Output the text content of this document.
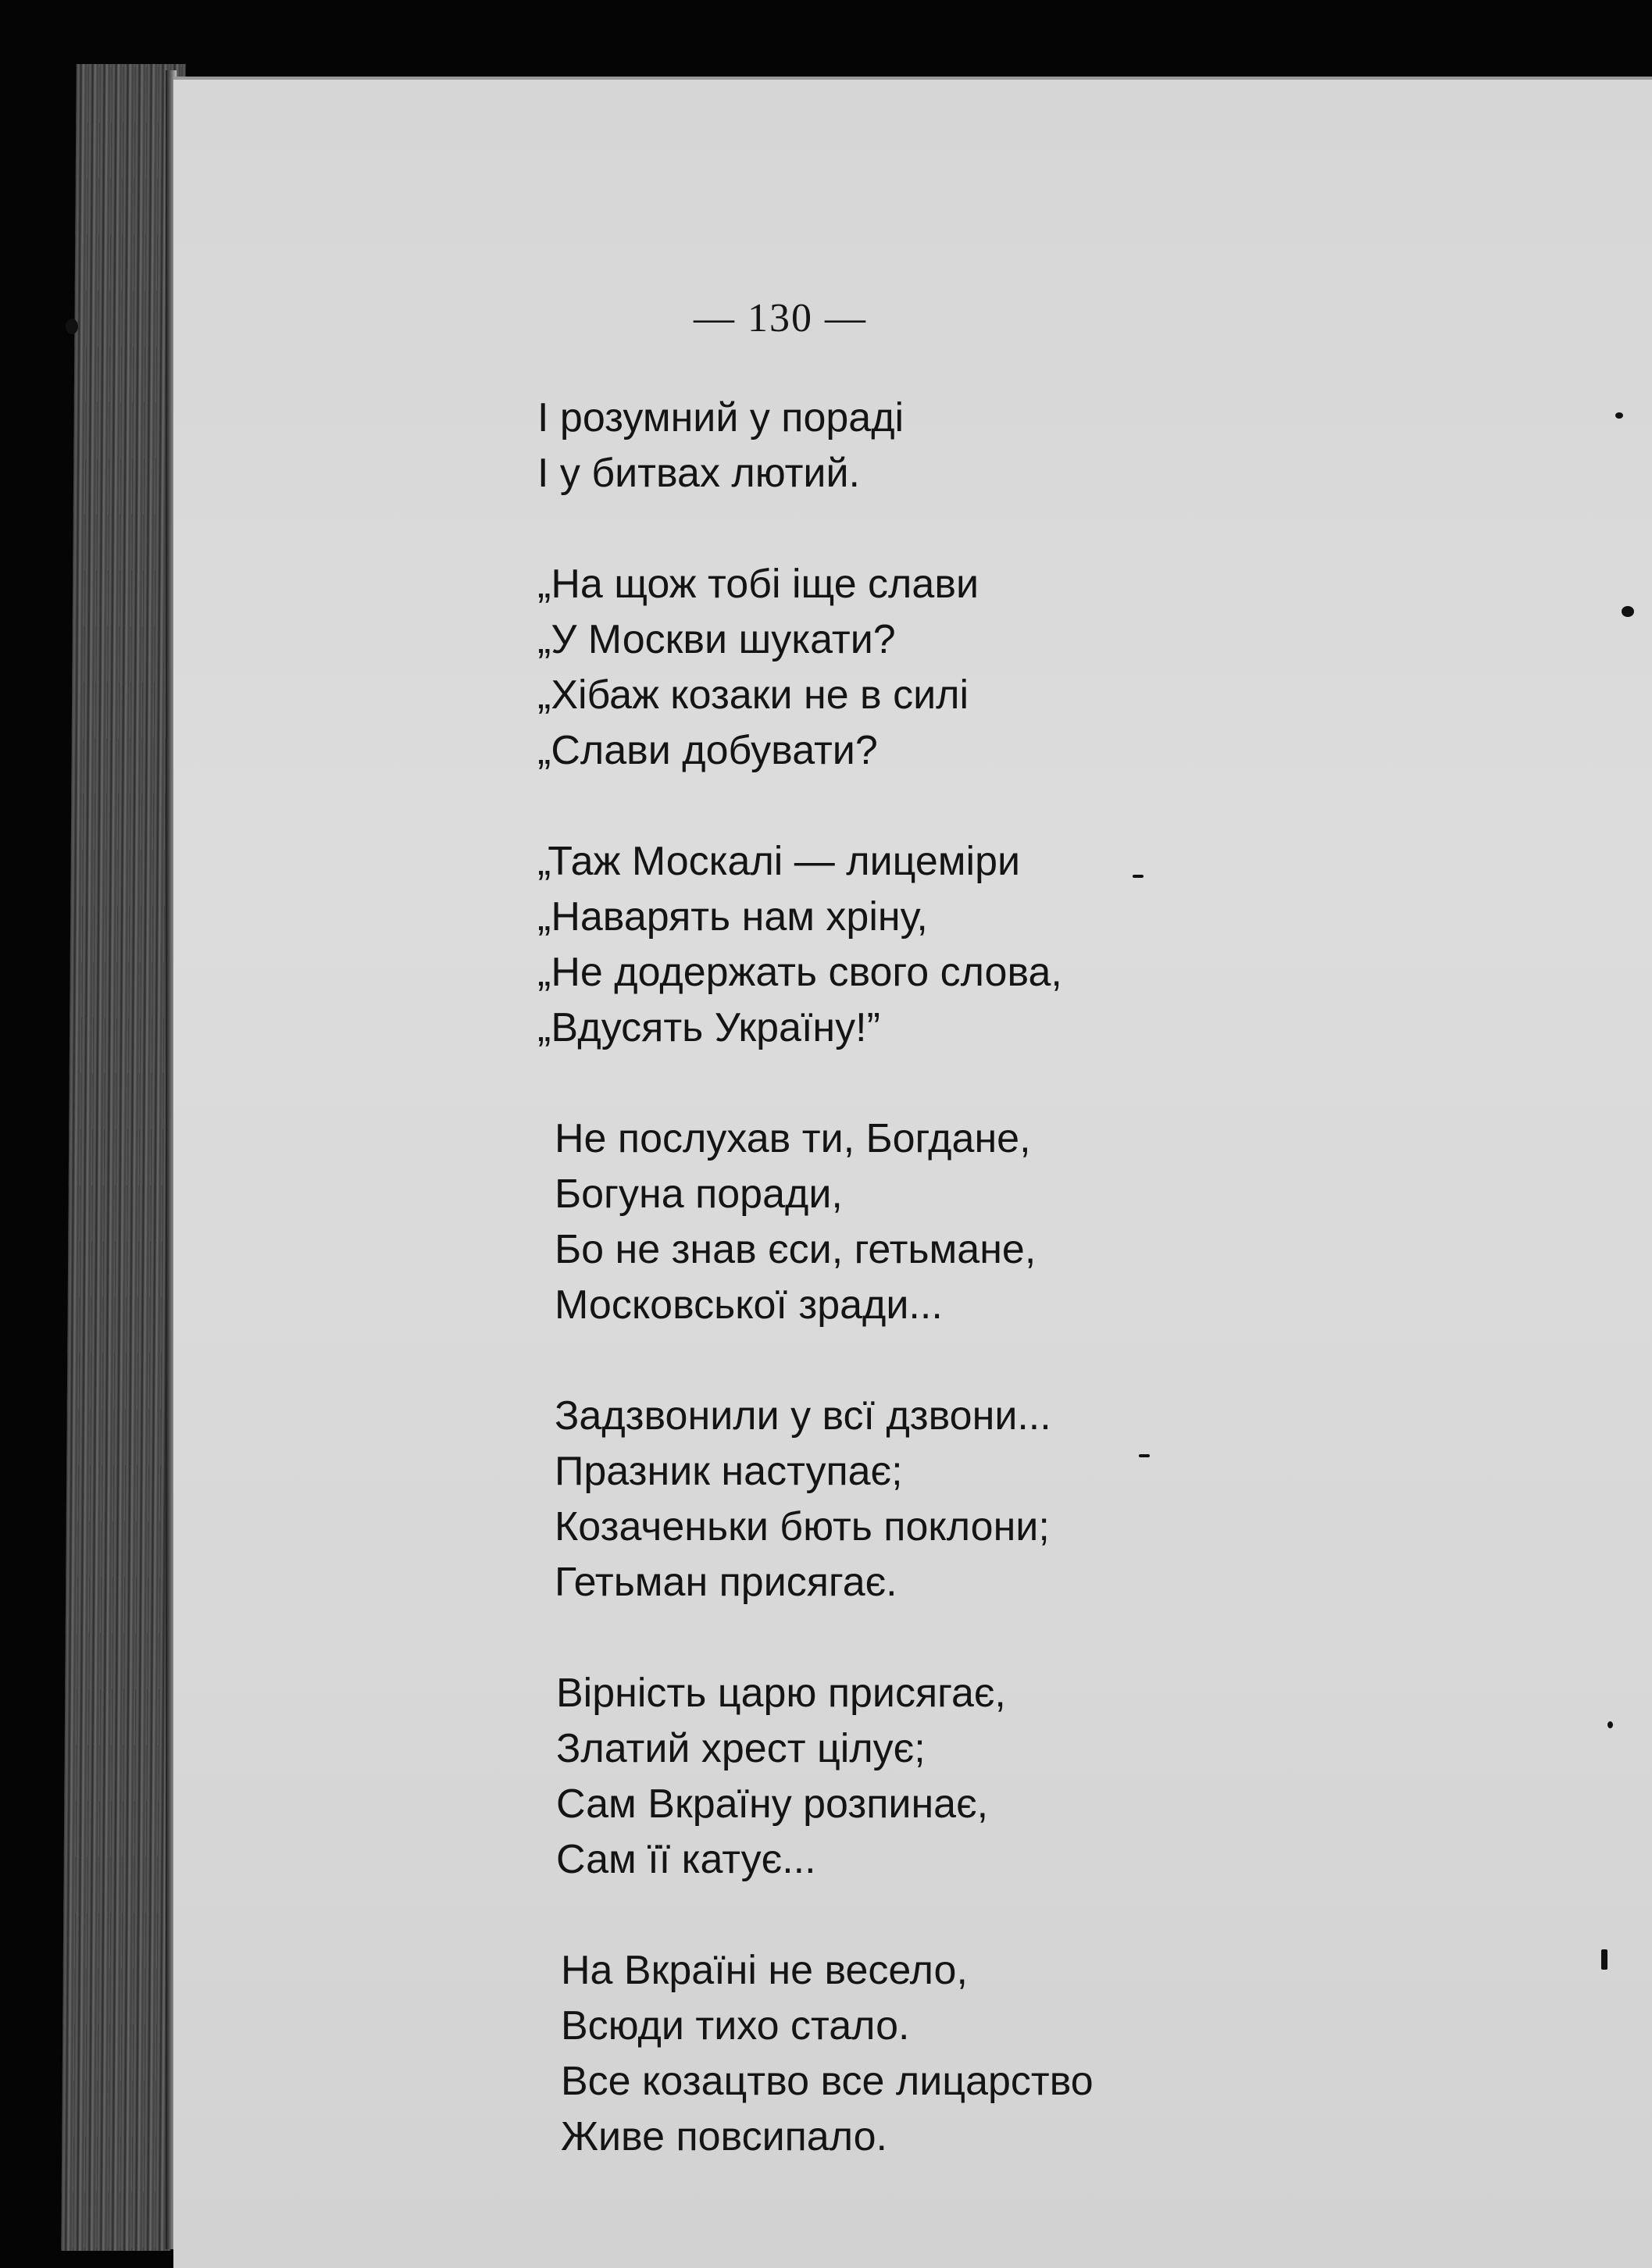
— 130 —
І розумний у пораді
І у битвах лютий.
„На щож тобі іще слави
„У Москви шукати?
„Хібаж козаки не в силі
„Слави добувати?
„Таж Москалі — лицеміри
„Наварять нам хріну,
„Не додержать свого слова,
„Вдусять Україну!”
Не послухав ти, Богдане,
Богуна поради,
Бо не знав єси, гетьмане,
Московської зради...
Задзвонили у всї дзвони...
Празник наступає;
Козаченьки бють поклони;
Гетьман присягає.
Вірність царю присягає,
Златий хрест цілує;
Сам Вкраїну розпинає,
Сам її катує...
На Вкраїні не весело,
Всюди тихо стало.
Все козацтво все лицарство
Живе повсипало.
